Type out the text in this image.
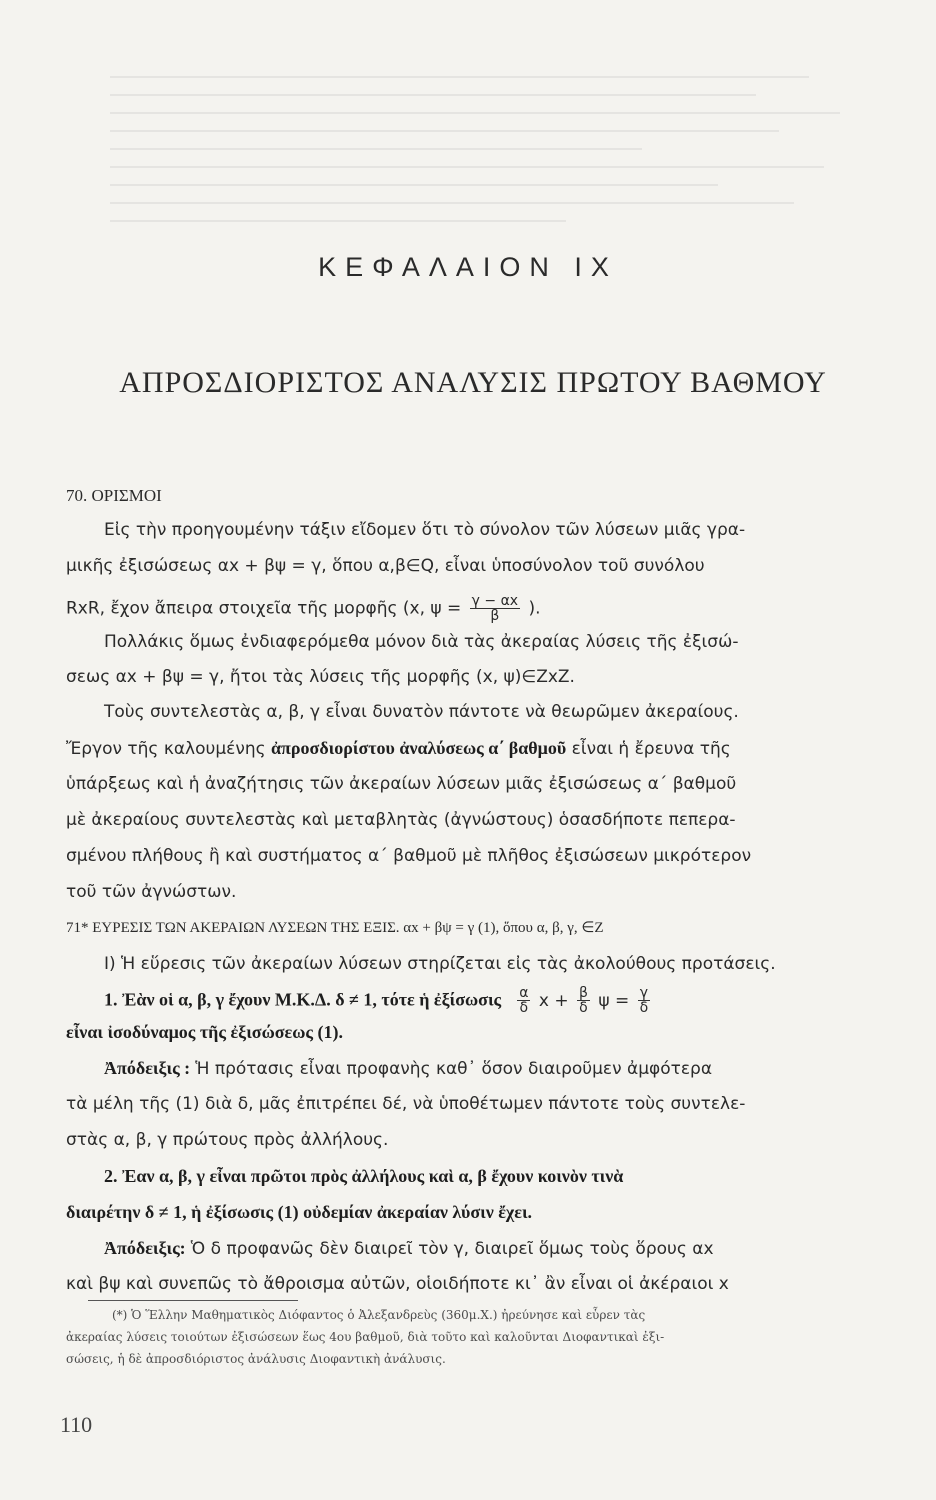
ΚΕΦΑΛΑΙΟΝ ΙΧ
ΑΠΡΟΣΔΙΟΡΙΣΤΟΣ ΑΝΑΛΥΣΙΣ ΠΡΩΤΟΥ ΒΑΘΜΟΥ
70. ΟΡΙΣΜΟΙ
Εἰς τὴν προηγουμένην τάξιν εἴδομεν ὅτι τὸ σύνολον τῶν λύσεων μιᾶς γρα-
μικῆς ἐξισώσεως αx + βψ = γ, ὅπου α,β∈Q, εἶναι ὑποσύνολον τοῦ συνόλου
RxR, ἔχον ἄπειρα στοιχεῖα τῆς μορφῆς (x, $\psi = \frac{\gamma - \alpha x}{\beta}$ ).
Πολλάκις ὅμως ἐνδιαφερόμεθα μόνον διὰ τὰς ἀκεραίας λύσεις τῆς ἐξισώ-
σεως αx + βψ = γ, ἤτοι τὰς λύσεις τῆς μορφῆς (x, ψ)∈ZxZ.
Τοὺς συντελεστὰς α, β, γ εἶναι δυνατὸν πάντοτε νὰ θεωρῶμεν ἀκεραίους.
Ἔργον τῆς καλουμένης ἀπροσδιορίστου ἀναλύσεως α΄ βαθμοῦ εἶναι ἡ ἔρευνα τῆς
ὑπάρξεως καὶ ἡ ἀναζήτησις τῶν ἀκεραίων λύσεων μιᾶς ἐξισώσεως α΄ βαθμοῦ
μὲ ἀκεραίους συντελεστὰς καὶ μεταβλητὰς (ἀγνώστους) ὁσασδήποτε πεπερα-
σμένου πλήθους ἢ καὶ συστήματος α΄ βαθμοῦ μὲ πλῆθος ἐξισώσεων μικρότερον
τοῦ τῶν ἀγνώστων.
71* ΕΥΡΕΣΙΣ ΤΩΝ ΑΚΕΡΑΙΩΝ ΛΥΣΕΩΝ ΤΗΣ ΕΞΙΣ. αx + βψ = γ (1), ὅπου α, β, γ, ∈Z
Ι) Ἡ εὕρεσις τῶν ἀκεραίων λύσεων στηρίζεται εἰς τὰς ἀκολούθους προτάσεις.
1. Ἐὰν οἱ α, β, γ ἔχουν Μ.Κ.Δ. δ ≠ 1, τότε ἡ ἐξίσωσις $\frac{\alpha}{\delta}$ $x + \frac{\beta}{\delta}$ $\psi = \frac{\gamma}{\delta}$
εἶναι ἰσοδύναμος τῆς ἐξισώσεως (1).
Ἀπόδειξις : Ἡ πρότασις εἶναι προφανὴς καθ᾽ ὅσον διαιροῦμεν ἀμφότερα
τὰ μέλη τῆς (1) διὰ δ, μᾶς ἐπιτρέπει δέ, νὰ ὑποθέτωμεν πάντοτε τοὺς συντελε-
στὰς α, β, γ πρώτους πρὸς ἀλλήλους.
2. Ἐαν α, β, γ εἶναι πρῶτοι πρὸς ἀλλήλους καὶ α, β ἔχουν κοινὸν τινὰ
διαιρέτην δ ≠ 1, ἡ ἐξίσωσις (1) οὐδεμίαν ἀκεραίαν λύσιν ἔχει.
Ἀπόδειξις: Ὁ δ προφανῶς δὲν διαιρεῖ τὸν γ, διαιρεῖ ὅμως τοὺς ὅρους αx
καὶ βψ καὶ συνεπῶς τὸ ἄθροισμα αὐτῶν, οἱοιδήποτε κι᾽ ἂν εἶναι οἱ ἀκέραιοι x
(*) Ὁ Ἕλλην Μαθηματικὸς Διόφαντος ὁ Ἀλεξανδρεὺς (360μ.Χ.) ἠρεύνησε καὶ εὗρεν τὰς
ἀκεραίας λύσεις τοιούτων ἐξισώσεων ἕως 4ου βαθμοῦ, διὰ τοῦτο καὶ καλοῦνται Διοφαντικαὶ ἐξι-
σώσεις, ἡ δὲ ἀπροσδιόριστος ἀνάλυσις Διοφαντικὴ ἀνάλυσις.
110
